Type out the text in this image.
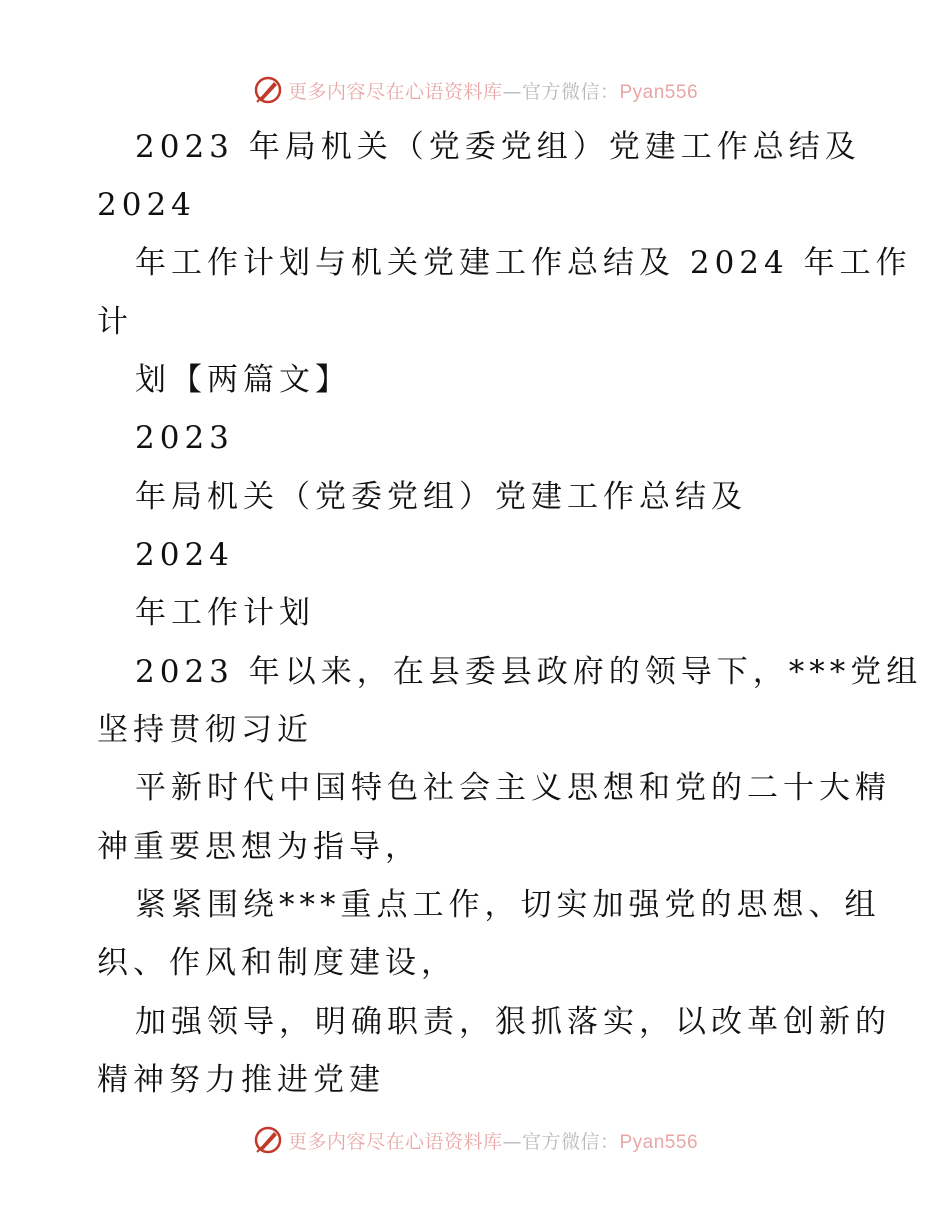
更多内容尽在心语资料库—官方微信：Pyan556
2023 年局机关（党委党组）党建工作总结及
2024
年工作计划与机关党建工作总结及 2024 年工作
计
划【两篇文】
2023
年局机关（党委党组）党建工作总结及
2024
年工作计划
2023 年以来，在县委县政府的领导下，***党组
坚持贯彻习近
平新时代中国特色社会主义思想和党的二十大精
神重要思想为指导，
紧紧围绕***重点工作，切实加强党的思想、组
织、作风和制度建设，
加强领导，明确职责，狠抓落实，以改革创新的
精神努力推进党建
更多内容尽在心语资料库—官方微信：Pyan556
